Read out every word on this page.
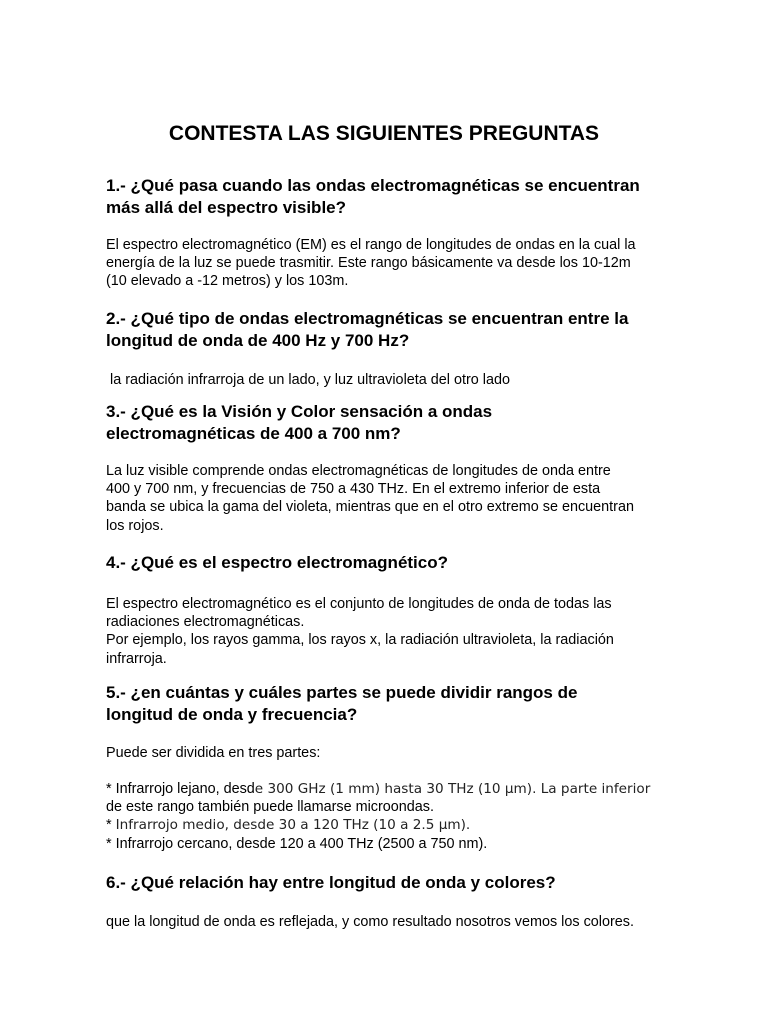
CONTESTA LAS SIGUIENTES PREGUNTAS
1.- ¿Qué pasa cuando las ondas electromagnéticas se encuentran
más allá del espectro visible?
El espectro electromagnético (EM) es el rango de longitudes de ondas en la cual la
energía de la luz se puede trasmitir. Este rango básicamente va desde los 10-12m
(10 elevado a -12 metros) y los 103m.
2.- ¿Qué tipo de ondas electromagnéticas se encuentran entre la
longitud de onda de 400 Hz y 700 Hz?
la radiación infrarroja de un lado, y luz ultravioleta del otro lado
3.- ¿Qué es la Visión y Color sensación a ondas
electromagnéticas de 400 a 700 nm?
La luz visible comprende ondas electromagnéticas de longitudes de onda entre
400 y 700 nm, y frecuencias de 750 a 430 THz. En el extremo inferior de esta
banda se ubica la gama del violeta, mientras que en el otro extremo se encuentran
los rojos.
4.- ¿Qué es el espectro electromagnético?
El espectro electromagnético es el conjunto de longitudes de onda de todas las
radiaciones electromagnéticas.
Por ejemplo, los rayos gamma, los rayos x, la radiación ultravioleta, la radiación
infrarroja.
5.- ¿en cuántas y cuáles partes se puede dividir rangos de
longitud de onda y frecuencia?
Puede ser dividida en tres partes:
* Infrarrojo lejano, desde 300 GHz (1 mm) hasta 30 THz (10 µm). La parte inferior
de este rango también puede llamarse microondas.
* Infrarrojo medio, desde 30 a 120 THz (10 a 2.5 µm).
* Infrarrojo cercano, desde 120 a 400 THz (2500 a 750 nm).
6.- ¿Qué relación hay entre longitud de onda y colores?
que la longitud de onda es reflejada, y como resultado nosotros vemos los colores.
